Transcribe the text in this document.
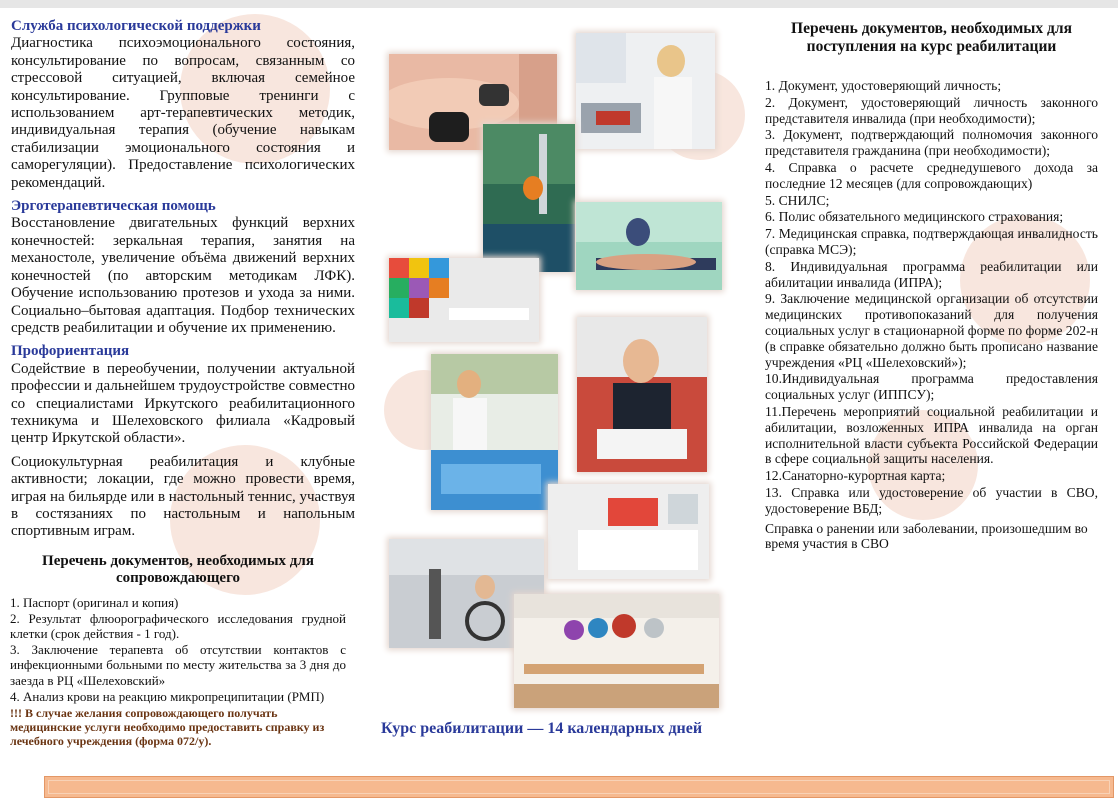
Служба психологической поддержки

Диагностика психоэмоционального состояния, консультирование по вопросам, связанным со стрессовой ситуацией, включая семейное консультирование. Групповые тренинги с использованием арт-терапевтических методик, индивидуальная терапия (обучение навыкам стабилизации эмоционального состояния и саморегуляции). Предоставление психологических рекомендаций.

Эрготерапевтическая помощь

Восстановление двигательных функций верхних конечностей: зеркальная терапия, занятия на механостоле, увеличение объёма движений верхних конечностей (по авторским методикам ЛФК). Обучение использованию протезов и ухода за ними. Социально–бытовая адаптация. Подбор технических средств реабилитации и обучение их применению.

Профориентация

Содействие в переобучении, получении актуальной профессии и дальнейшем трудоустройстве совместно со специалистами Иркутского реабилитационного техникума и Шелеховского филиала «Кадровый центр Иркутской области».

Социокультурная реабилитация и клубные активности; локации, где можно провести время, играя на бильярде или в настольный теннис, участвуя в состязаниях по настольным и напольным спортивным играм.

Перечень документов, необходимых для сопровождающего
1. Паспорт (оригинал и копия)
2. Результат флюорографического исследования грудной клетки (срок действия - 1 год).
3. Заключение терапевта об отсутствии контактов с инфекционными больными по месту жительства за 3 дня до заезда в РЦ «Шелеховский»
4. Анализ крови на реакцию микропреципитации (РМП)
!!! В случае желания сопровождающего получать медицинские услуги необходимо предоставить справку из лечебного учреждения (форма 072/у).
Курс реабилитации — 14 календарных дней
Перечень документов, необходимых для поступления на курс реабилитации
1. Документ, удостоверяющий личность;
2. Документ, удостоверяющий личность законного представителя инвалида (при необходимости);
3. Документ, подтверждающий полномочия законного представителя гражданина (при необходимости);
4. Справка о расчете среднедушевого дохода за последние 12 месяцев (для сопровождающих)
5. СНИЛС;
6. Полис обязательного медицинского страхования;
7. Медицинская справка, подтверждающая инвалидность (справка МСЭ);
8. Индивидуальная программа реабилитации или абилитации инвалида (ИПРА);
9. Заключение медицинской организации об отсутствии медицинских противопоказаний для получения социальных услуг в стационарной форме по форме 202-н (в справке обязательно должно быть прописано название учреждения «РЦ «Шелеховский»);
10.Индивидуальная программа предоставления социальных услуг (ИППСУ);
11.Перечень мероприятий социальной реабилитации и абилитации, возложенных ИПРА инвалида на орган исполнительной власти субъекта Российской Федерации в сфере социальной защиты населения.
12.Санаторно-курортная карта;
13. Справка или удостоверение об участии в СВО, удостоверение ВБД;

Справка о ранении или заболевании, произошедшим во время участия в СВО
